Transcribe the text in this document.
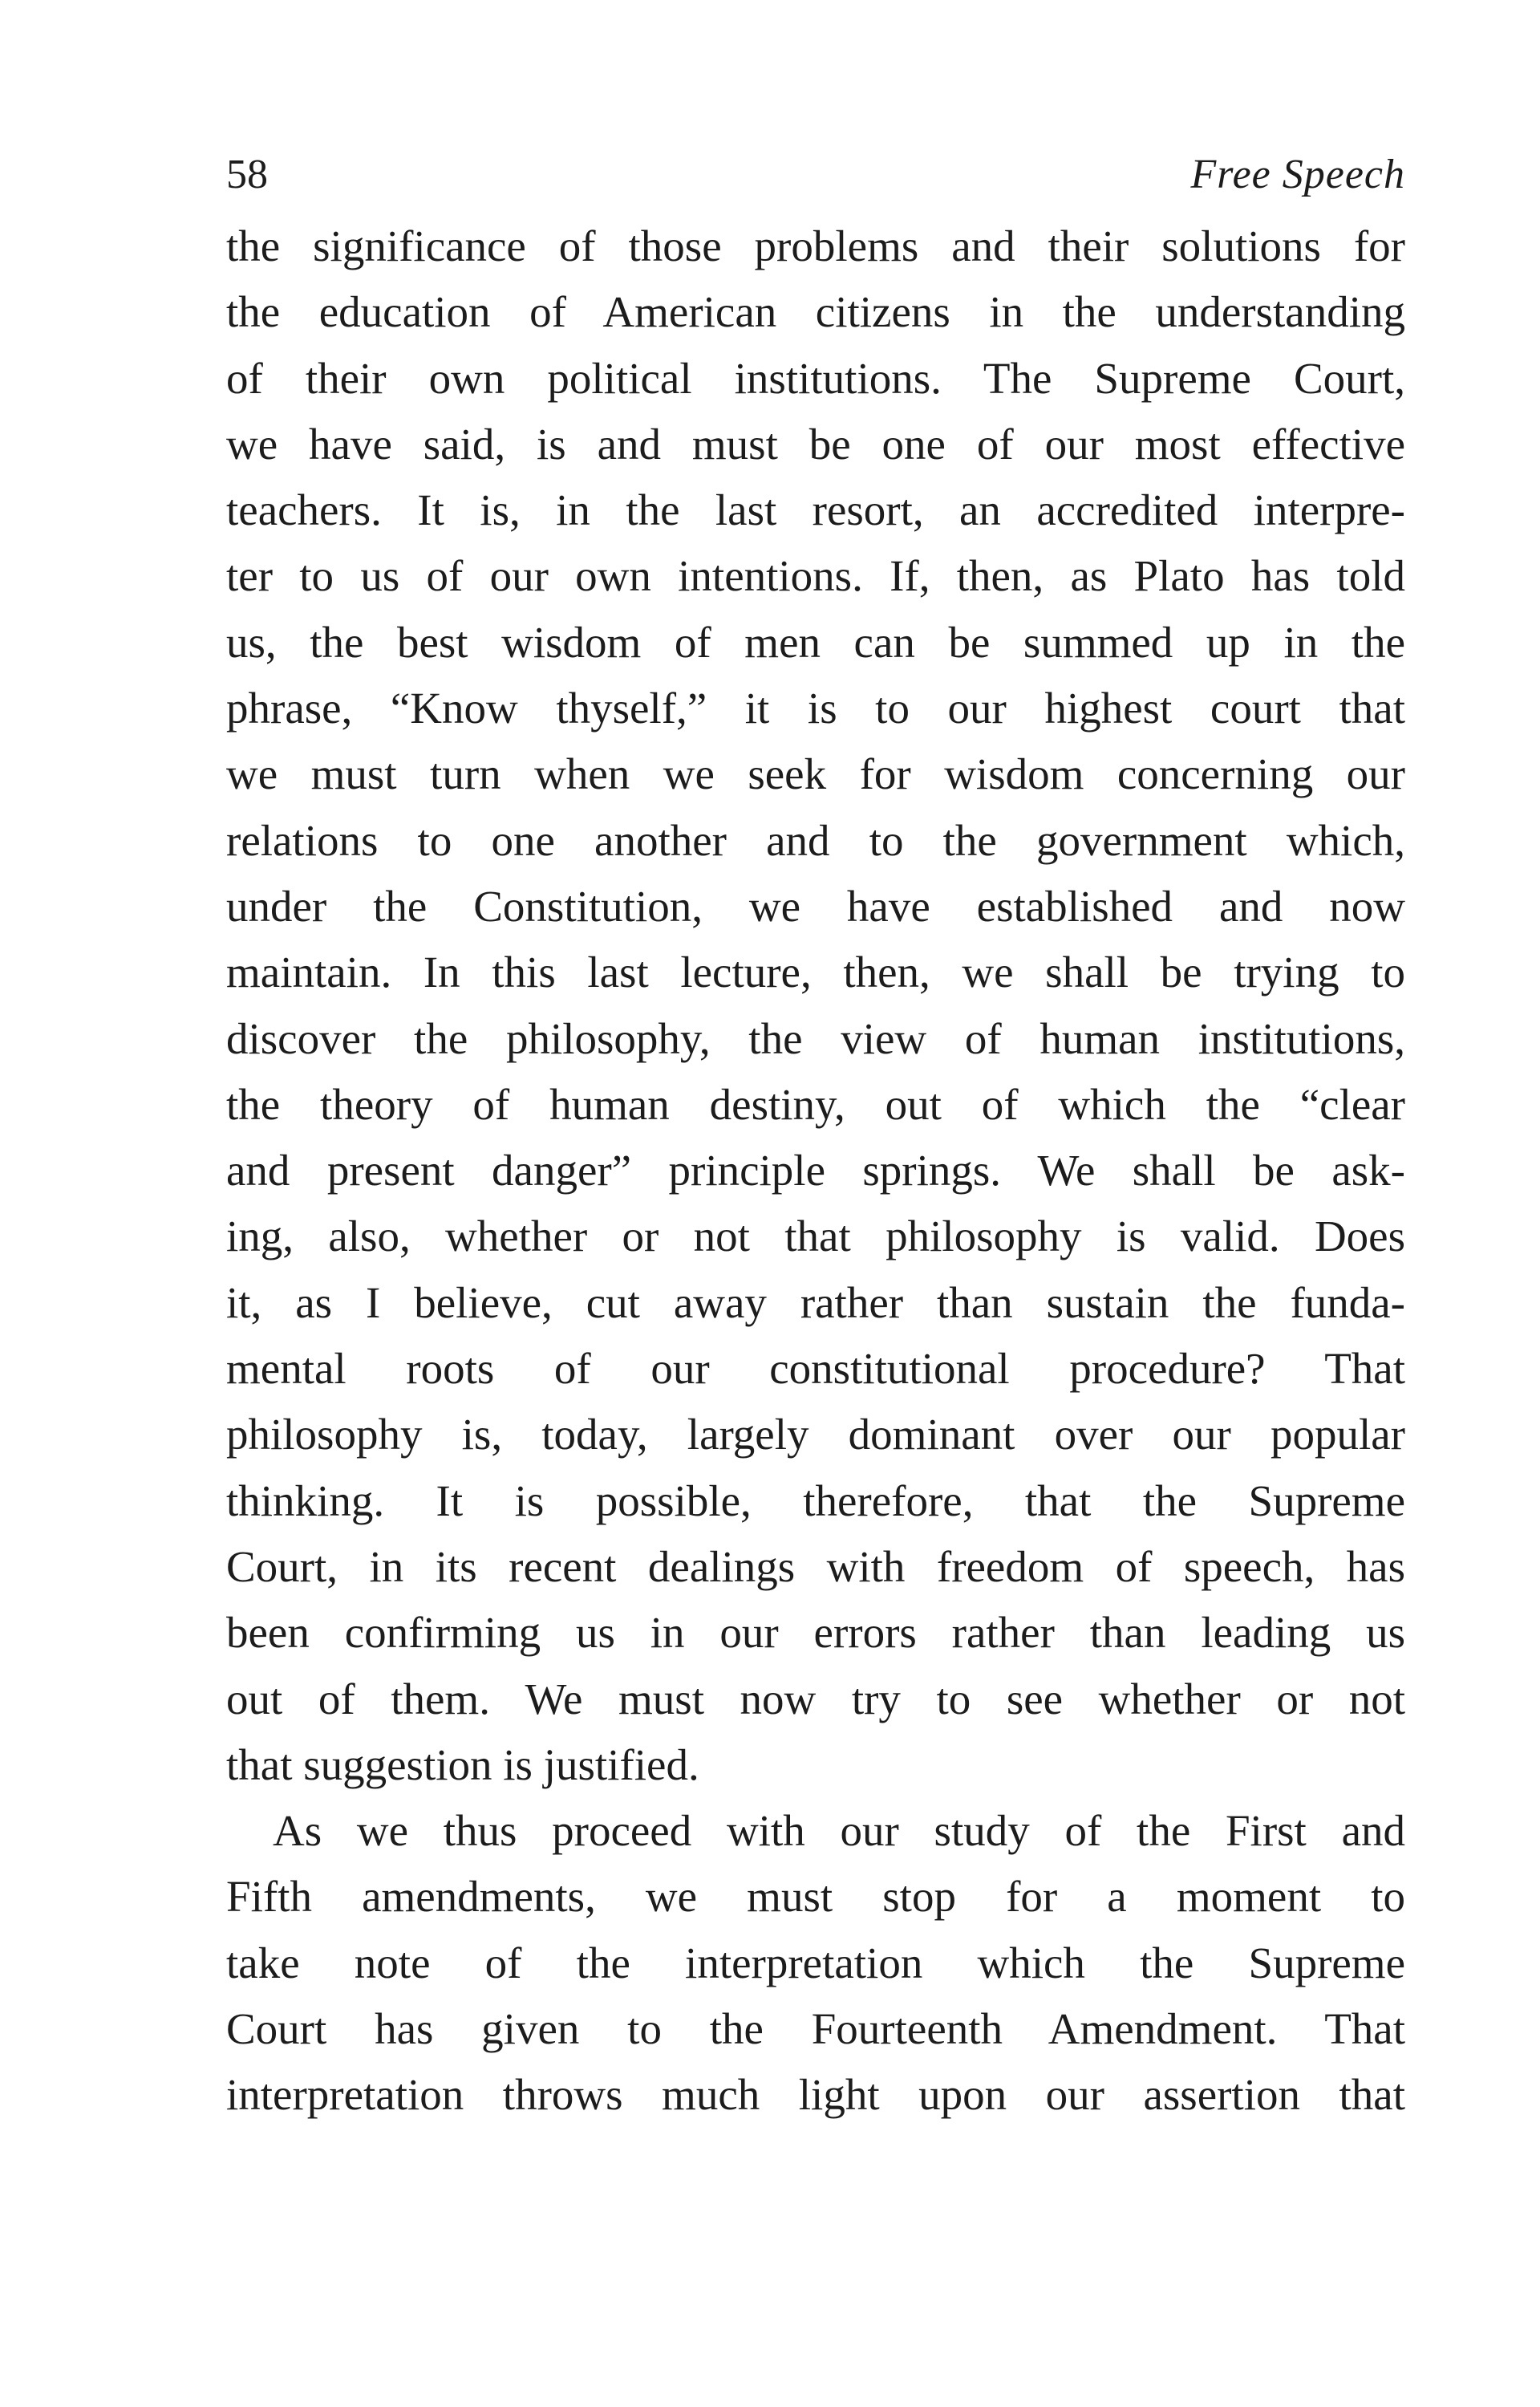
58	Free Speech
the significance of those problems and their solutions for
the education of American citizens in the understanding
of their own political institutions. The Supreme Court,
we have said, is and must be one of our most effective
teachers. It is, in the last resort, an accredited interpre-
ter to us of our own intentions. If, then, as Plato has told
us, the best wisdom of men can be summed up in the
phrase, “Know thyself,” it is to our highest court that
we must turn when we seek for wisdom concerning our
relations to one another and to the government which,
under the Constitution, we have established and now
maintain. In this last lecture, then, we shall be trying to
discover the philosophy, the view of human institutions,
the theory of human destiny, out of which the “clear
and present danger” principle springs. We shall be ask-
ing, also, whether or not that philosophy is valid. Does
it, as I believe, cut away rather than sustain the funda-
mental roots of our constitutional procedure? That
philosophy is, today, largely dominant over our popular
thinking. It is possible, therefore, that the Supreme
Court, in its recent dealings with freedom of speech, has
been confirming us in our errors rather than leading us
out of them. We must now try to see whether or not
that suggestion is justified.
As we thus proceed with our study of the First and
Fifth amendments, we must stop for a moment to
take note of the interpretation which the Supreme
Court has given to the Fourteenth Amendment. That
interpretation throws much light upon our assertion that
